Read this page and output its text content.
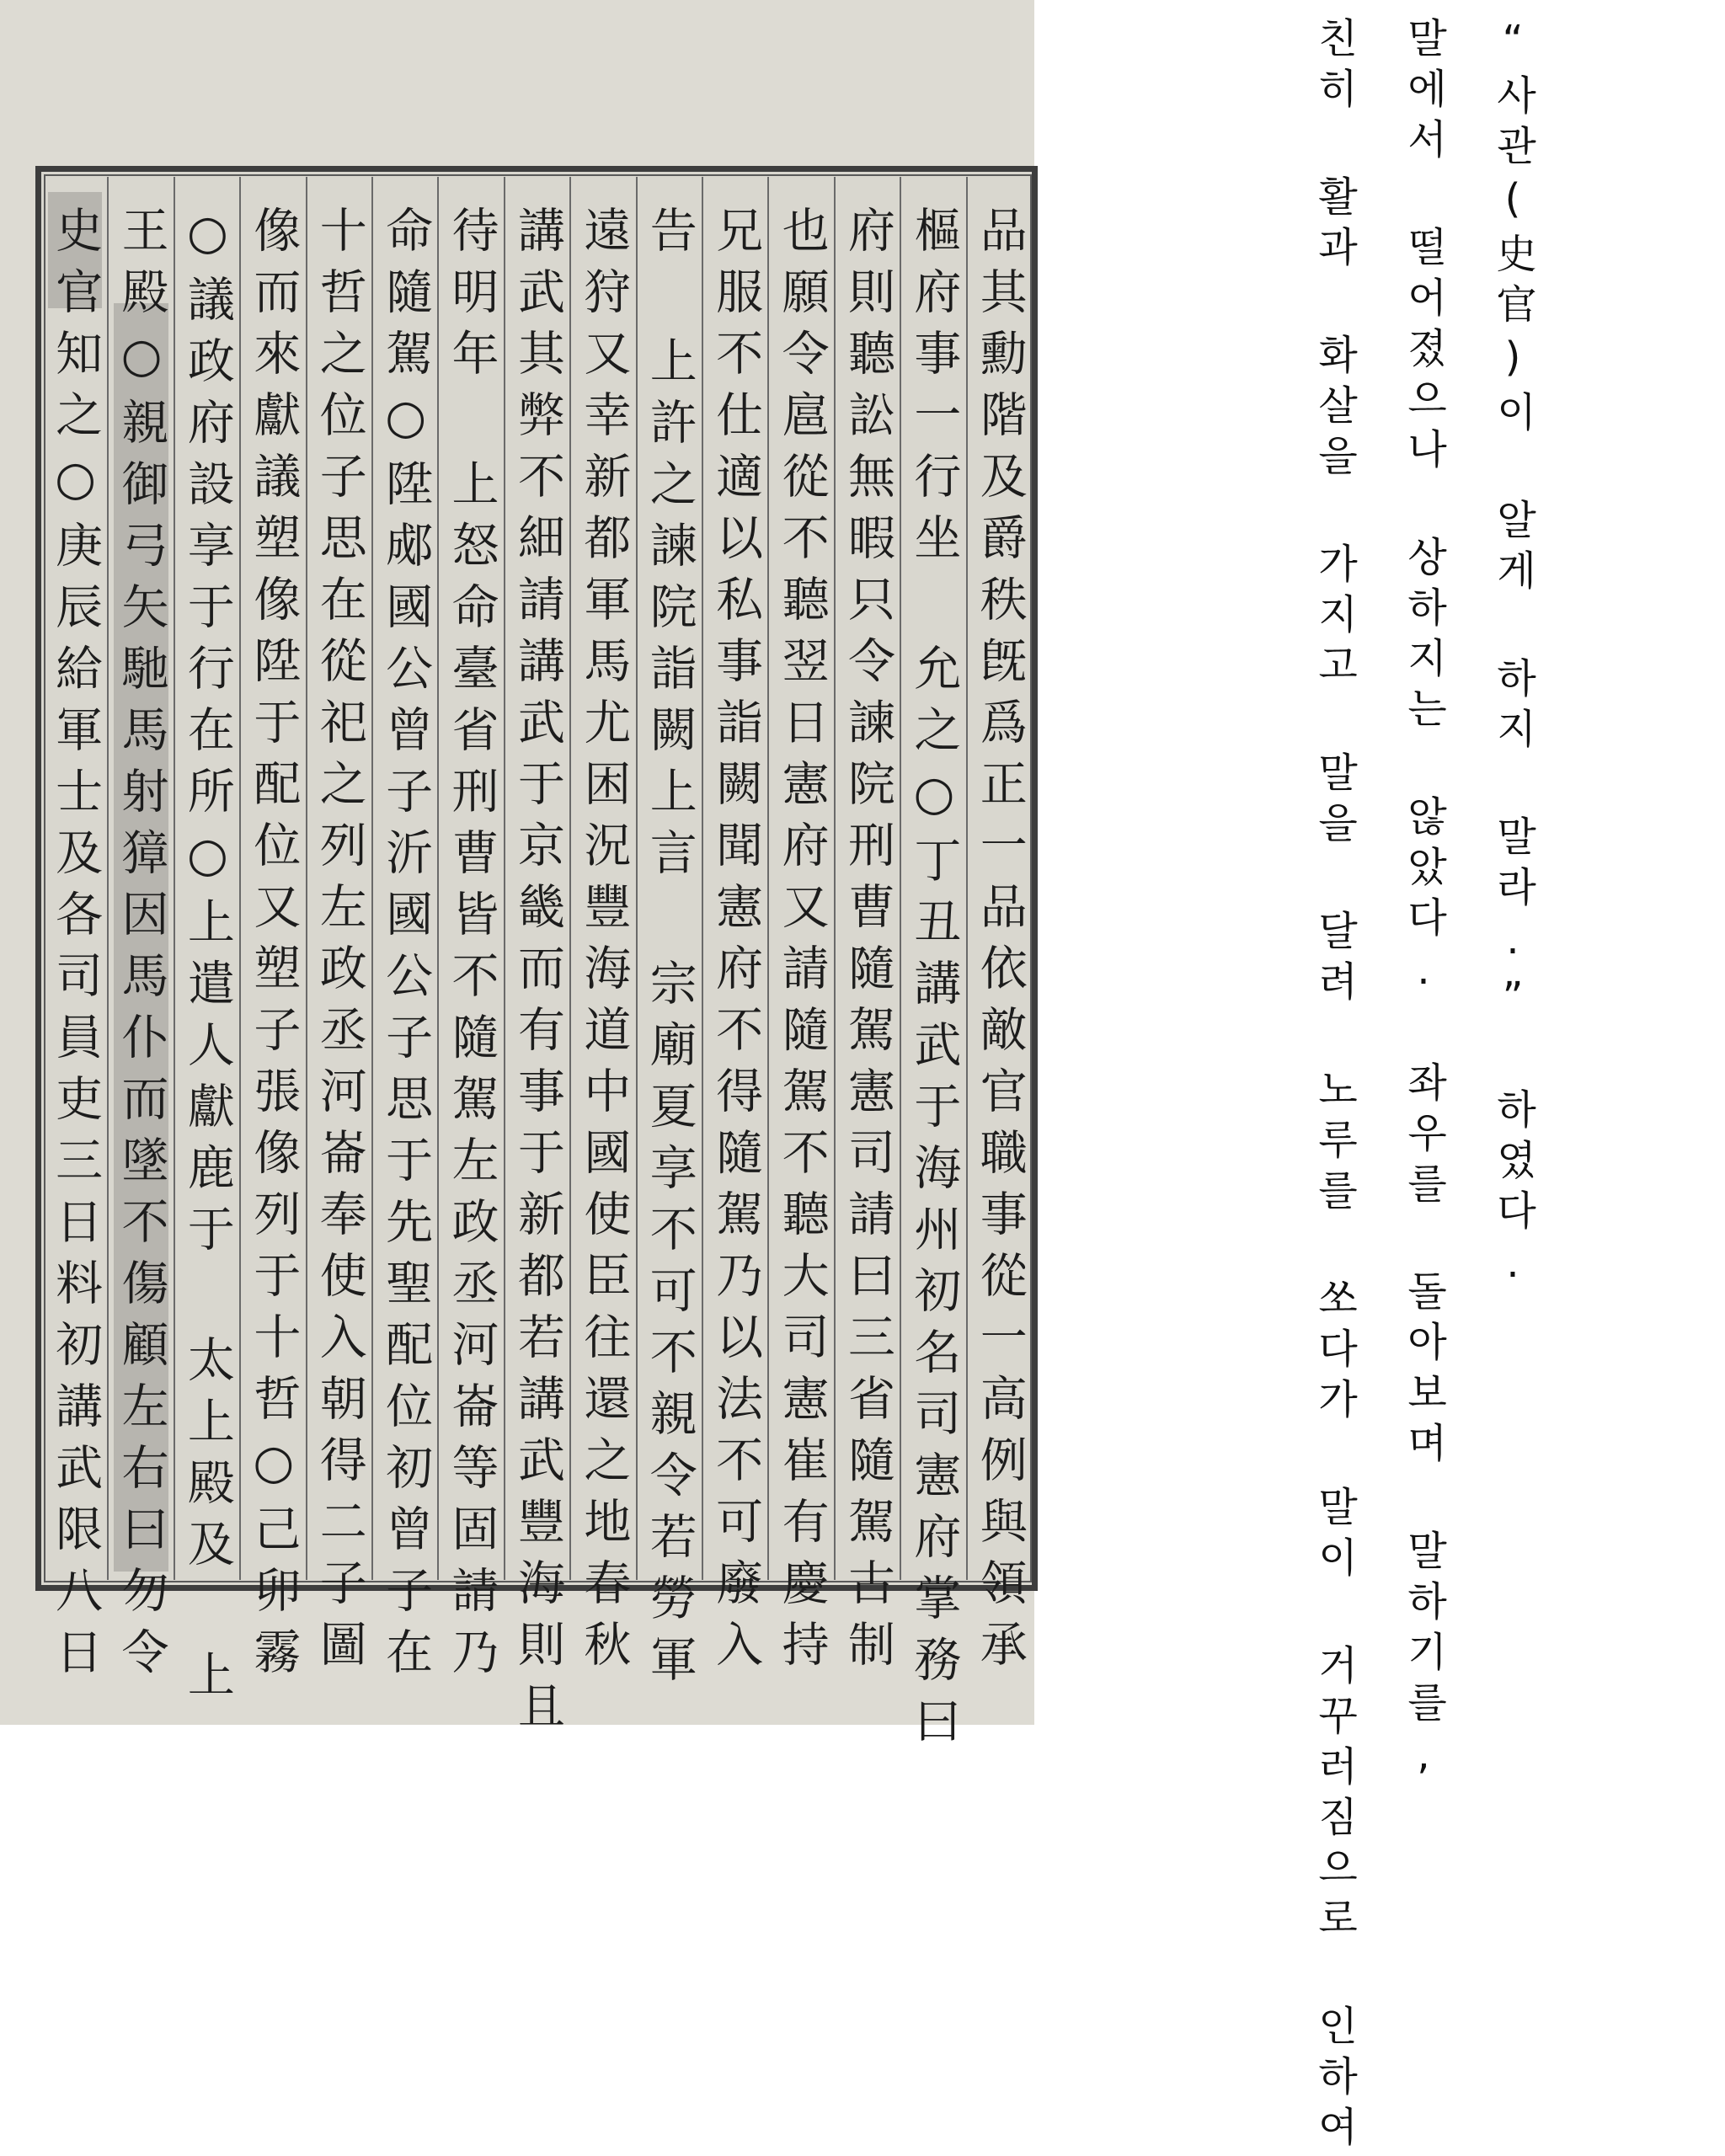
品其勳階及爵秩旣爲正一品依敵官職事從一高例與領承
樞府事一行坐 允之○丁丑講武于海州初名司憲府掌務曰
府則聽訟無暇只令諫院刑曹隨駕憲司請曰三省隨駕古制
也願令扈從不聽翌日憲府又請隨駕不聽大司憲崔有慶持
兄服不仕適以私事詣闕聞憲府不得隨駕乃以法不可廢入
告 上許之諫院詣闕上言 宗廟夏享不可不親令若勞軍
遠狩又幸新都軍馬尤困況豐海道中國使臣往還之地春秋
講武其弊不細請講武于京畿而有事于新都若講武豐海則且
待明年 上怒命臺省刑曹皆不隨駕左政丞河崙等固請乃
命隨駕○陞郕國公曾子沂國公子思于先聖配位初曾子在
十哲之位子思在從祀之列左政丞河崙奉使入朝得二子圖
像而來獻議塑像陞于配位又塑子張像列于十哲○己卯霧
○議政府設享于行在所○上遣人獻鹿于 太上殿及 上
王殿○親御弓矢馳馬射獐因馬仆而墜不傷顧左右曰勿令
史官知之○庚辰給軍士及各司員吏三日料初講武限八日	“사관(史官)이 알게 하지 말라.” 하였다.
말에서 떨어졌으나 상하지는 않았다. 좌우를 돌아보며 말하기를,
친히 활과 화살을 가지고 말을 달려 노루를 쏘다가 말이 거꾸러짐으로 인하여
